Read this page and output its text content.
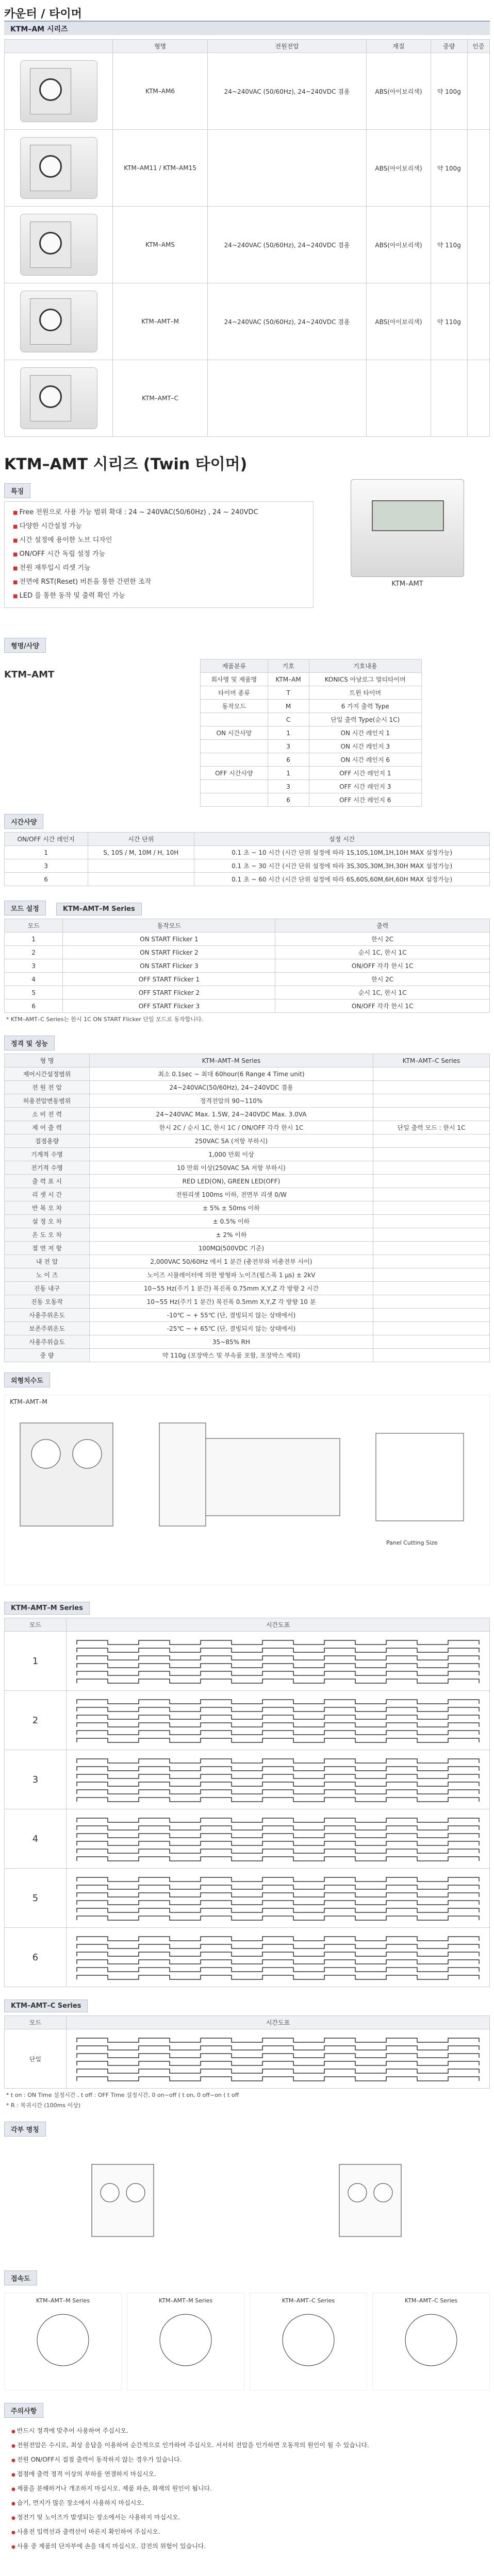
카운터 / 타이머
KTM–AM 시리즈
	형명	전원전압	재질	중량	인증

	KTM–AM6	24~240VAC (50/60Hz), 24~240VDC 겸용	ABS(아이보리색)	약 100g	

	KTM–AM11 / KTM–AM15		ABS(아이보리색)	약 100g	

	KTM–AMS	24~240VAC (50/60Hz), 24~240VDC 겸용	ABS(아이보리색)	약 110g	

	KTM–AMT–M	24~240VAC (50/60Hz), 24~240VDC 겸용	ABS(아이보리색)	약 110g	

	KTM–AMT–C				
KTM–AMT 시리즈 (Twin 타이머)
특징
■ Free 전원으로 사용 가능 범위 확대 : 24 ~ 240VAC(50/60Hz) , 24 ~ 240VDC
■ 다양한 시간설정 가능
■ 시간 설정에 용이한 노브 디자인
■ ON/OFF 시간 독립 설정 가능
■ 전원 재투입시 리셋 기능
■ 전면에 RST(Reset) 버튼을 통한 간편한 조작
■ LED 를 통한 동작 및 출력 확인 가능
KTM–AMT
형명/사양
KTM–AMT
제품분류	기호	기호내용
회사명 및 제품명	KTM–AM	KONICS 아날로그 멀티타이머
타이머 종류	T	트윈 타이머
동작모드	M	6 가지 출력 Type
	C	단일 출력 Type(순시 1C)
ON 시간사양	1	ON 시간 레인지 1
	3	ON 시간 레인지 3
	6	ON 시간 레인지 6
OFF 시간사양	1	OFF 시간 레인지 1
	3	OFF 시간 레인지 3
	6	OFF 시간 레인지 6
시간사양
ON/OFF 시간 레인지	시간 단위	설정 시간
1	S, 10S / M, 10M / H, 10H	0.1 초 ~ 10 시간 (시간 단위 설정에 따라 1S,10S,10M,1H,10H MAX 설정가능)
3		0.1 초 ~ 30 시간 (시간 단위 설정에 따라 3S,30S,30M,3H,30H MAX 설정가능)
6		0.1 초 ~ 60 시간 (시간 단위 설정에 따라 6S,60S,60M,6H,60H MAX 설정가능)
모드 설정	KTM–AMT–M Series
모드	동작모드	출력
1	ON START Flicker 1	한시 2C
2	ON START Flicker 2	순시 1C, 한시 1C
3	ON START Flicker 3	ON/OFF 각각 한시 1C
4	OFF START Flicker 1	한시 2C
5	OFF START Flicker 2	순시 1C, 한시 1C
6	OFF START Flicker 3	ON/OFF 각각 한시 1C
* KTM–AMT–C Series는 한시 1C ON START Flicker 단일 모드로 동작합니다.
정격 및 성능
형 명	KTM–AMT–M Series	KTM–AMT–C Series
제어시간설정범위	최소 0.1sec ~ 최대 60hour(6 Range 4 Time unit)	
전 원 전 압	24~240VAC(50/60Hz), 24~240VDC 겸용	
허용전압변동범위	정격전압의 90~110%	
소 비 전 력	24~240VAC Max. 1.5W, 24~240VDC Max. 3.0VA	
제 어 출 력	한시 2C / 순시 1C, 한시 1C / ON/OFF 각각 한시 1C	단일 출력 모드 : 한시 1C
접점용량	250VAC 5A (저항 부하시)	
기계적 수명	1,000 만회 이상	
전기적 수명	10 만회 이상(250VAC 5A 저항 부하시)	
출 력 표 시	RED LED(ON), GREEN LED(OFF)	
리 셋 시 간	전원리셋 100ms 이하, 전면부 리셋 0/W	
반 복 오 차	± 5% ± 50ms 이하	
설 정 오 차	± 0.5% 이하	
온 도 오 차	± 2% 이하	
절 연 저 항	100MΩ(500VDC 기준)	
내 전 압	2,000VAC 50/60Hz 에서 1 분간 (충전부와 비충전부 사이)	
노 이 즈	노이즈 시뮬레이터에 의한 방형파 노이즈(펄스폭 1 μs) ± 2kV	
진동 내구	10~55 Hz(주기 1 분간) 복진폭 0.75mm X,Y,Z 각 방향 2 시간	
진동 오동작	10~55 Hz(주기 1 분간) 복진폭 0.5mm X,Y,Z 각 방향 10 분	
사용주위온도	-10℃ ~ + 55℃ (단, 결빙되지 않는 상태에서)	
보존주위온도	-25℃ ~ + 65℃ (단, 결빙되지 않는 상태에서)	
사용주위습도	35~85% RH	
중 량	약 110g (포장박스 및 부속품 포함, 포장박스 제외)	
외형치수도
KTM–AMT–M
Panel Cutting Size
KTM–AMT–M Series
모드	시간도표
1	

2	

3	

4	

5	

6	
KTM–AMT–C Series
모드	시간도표
단일	
* t on : ON Time 설정시간 , t off : OFF Time 설정시간, 0 on~off ( t on, 0 off~on ( t off
* R : 복귀시간 (100ms 이상)
각부 명칭
접속도
KTM–AMT–M Series	KTM–AMT–M Series	KTM–AMT–C Series	KTM–AMT–C Series
주의사항
● 반드시 정격에 맞추어 사용하여 주십시오.
● 전원전압은 수시로, 최상 응답을 이용하여 순간적으로 인가하여 주십시오. 서서히 전압을 인가하면 오동작의 원인이 될 수 있습니다.
● 전원 ON/OFF시 접점 출력이 동작하지 않는 경우가 있습니다.
● 접점에 출력 정격 이상의 부하를 연결하지 마십시오.
● 제품을 분해하거나 개조하지 마십시오. 제품 파손, 화재의 원인이 됩니다.
● 습기, 먼지가 많은 장소에서 사용하지 마십시오.
● 정전기 및 노이즈가 발생되는 장소에서는 사용하지 마십시오.
● 사용전 입력선과 출력선이 바른지 확인하여 주십시오.
● 사용 중 제품의 단자부에 손을 대지 마십시오. 감전의 위험이 있습니다.
